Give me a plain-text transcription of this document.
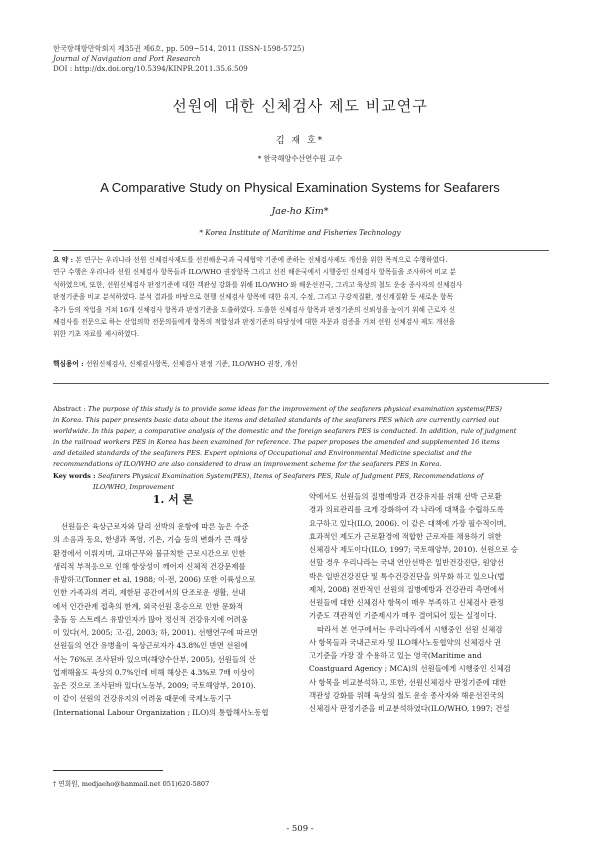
한국항해항만학회지 제35권 제6호, pp. 509~514, 2011 (ISSN-1598-5725)
Journal of Navigation and Port Research
DOI : http://dx.doi.org/10.5394/KINPR.2011.35.6.509
선원에 대한 신체검사 제도 비교연구
김 재 호*
* 한국해양수산연수원 교수
A Comparative Study on Physical Examination Systems for Seafarers
Jae-ho Kim*
* Korea Institute of Maritime and Fisheries Technology
요 약 : 본 연구는 우리나라 선원 신체검사제도를 선진해운국과 국제협약 기준에 준하는 신체검사제도 개선을 위한 목적으로 수행하였다.
연구 수행은 우리나라 선원 신체검사 항목들과 ILO/WHO 권장항목 그리고 선진 해운국에서 시행중인 신체검사 항목들을 조사하여 비교 분
석하였으며, 또한, 선원신체검사 판정기준에 대한 객관성 강화를 위해 ILO/WHO 와 해운선진국, 그리고 육상의 철도 운송 종사자의 신체검사
판정기준을 비교 분석하였다. 분석 결과를 바탕으로 현행 신체검사 항목에 대한 유지, 수정, 그리고 구강적질환, 정신계질환 등 새로운 항목
추가 등의 작업을 거쳐 16개 신체검사 항목과 판정기준을 도출하였다. 도출한 신체검사 항목과 판정기준의 신뢰성을 높이기 위해 근로자 신
체검사를 전문으로 하는 산업의학 전문의들에게 항목의 적합성과 판정기준의 타당성에 대한 자문과 검증을 거쳐 선원 신체검사 제도 개선을
위한 기초 자료를 제시하였다.
핵심용어 : 선원신체검사, 신체검사항목, 신체검사 판정 기준, ILO/WHO 권장, 개선
Abstract : The purpose of this study is to provide some ideas for the improvement of the seafarers physical examination systems(PES)
in Korea. This paper presents basic data about the items and detailed standards of the seafarers PES which are currently carried out
worldwide. In this paper, a comparative analysis of the domestic and the foreign seafarers PES is conducted. In addition, rule of judgment
in the railroad workers PES in Korea has been examined for reference. The paper proposes the amended and supplemented 16 items
and detailed standards of the seafarers PES. Expert opinions of Occupational and Environmental Medicine specialist and the
recommendations of ILO/WHO are also considered to draw an improvement scheme for the seafarers PES in Korea.
Key words : Seafarers Physical Examination System(PES), Items of Seafarers PES, Rule of Judgment PES, Recommendations of
ILO/WHO, Improvement
1. 서 론
선원들은 육상근로자와 달리 선박의 운항에 따른 높은 수준
의 소음과 동요, 한냉과 폭염, 기온, 기습 등의 변화가 큰 해상
환경에서 이뤄지며, 교대근무와 불규칙한 근로시간으로 인한
생리적 부적응으로 인해 항상성이 깨어져 신체적 건강문제를
유발하고(Tonner et al, 1988; 이·전, 2006) 또한 이륙성으로
인한 가족과의 격리, 제한된 공간에서의 단조로운 생활, 선내
에서 인간관계 접촉의 한계, 외국선원 혼승으로 인한 문화적
충돌 등 스트레스 유발인자가 많아 정신적 건강유지에 어려움
이 있다(서, 2005; 고·김, 2003; 하, 2001). 선행연구에 따르면
선원들의 연간 유병율이 육상근로자가 43.8%인 반면 선원에
서는 76%로 조사된바 있으며(해양수산부, 2005), 선원들의 산
업재해율도 육상의 0.7%인데 비해 해상은 4.3%로 7배 이상이
높은 것으로 조사된바 있다(노동부, 2009; 국토해양부, 2010).
이 같이 선원의 건강유지의 어려움 때문에 국제노동기구
(International Labour Organization ; ILO)의 통합해사노동협
약에서도 선원들의 질병예방과 건강유지를 위해 선박 근로환
경과 의료관리를 크게 강화하여 각 나라에 대책을 수립하도록
요구하고 있다(ILO, 2006). 이 같은 대책에 가장 필수적이며,
효과적인 제도가 근로환경에 적합한 근로자를 채용하기 위한
신체검사 제도이다(ILO, 1997; 국토해양부, 2010). 선원으로 승
선할 경우 우리나라는 국내 연안선박은 일반건강진단, 원양선
박은 일반건강진단 및 특수건강진단을 의무화 하고 있으나(법
제처, 2008) 전반적인 선원의 질병예방과 건강관리 측면에서
선원들에 대한 신체검사 항목이 매우 부족하고 신체검사 판정
기준도 객관적인 기준제시가 매우 결여되어 있는 실정이다.
따라서 본 연구에서는 우리나라에서 시행중인 선원 신체검
사 항목들과 국내근로자 및 ILO해사노동협약의 신체검사 권
고기준을 가장 잘 수용하고 있는 영국(Maritime and
Coastguard Agency ; MCA)의 선원들에게 시행중인 신체검
사 항목을 비교분석하고, 또한, 선원신체검사 판정기준에 대한
객관성 강화를 위해 육상의 철도 운송 종사자와 해운선진국의
신체검사 판정기준을 비교분석하였다(ILO/WHO, 1997; 건설
† 연회원, medjaeho@hanmail.net 051)620-5807
- 509 -
